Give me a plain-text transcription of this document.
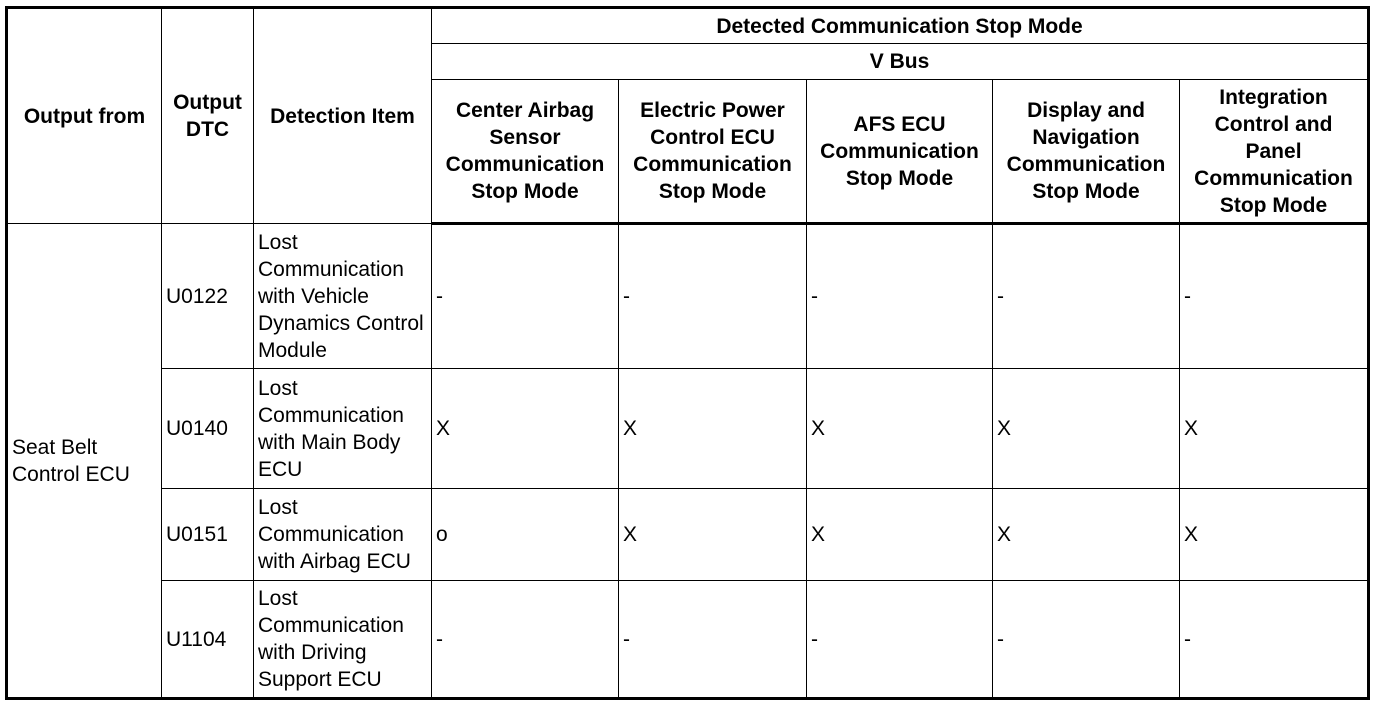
Output from	Output DTC	Detection Item	Detected Communication Stop Mode				
			V Bus				
			Center Airbag Sensor Communication Stop Mode	Electric Power Control ECU Communication Stop Mode	AFS ECU Communication Stop Mode	Display and Navigation Communication Stop Mode	Integration Control and Panel Communication Stop Mode
Seat Belt Control ECU	U0122	Lost Communication with Vehicle Dynamics Control Module	-	-	-	-	-
	U0140	Lost Communication with Main Body ECU	X	X	X	X	X
	U0151	Lost Communication with Airbag ECU	o	X	X	X	X
	U1104	Lost Communication with Driving Support ECU	-	-	-	-	-
